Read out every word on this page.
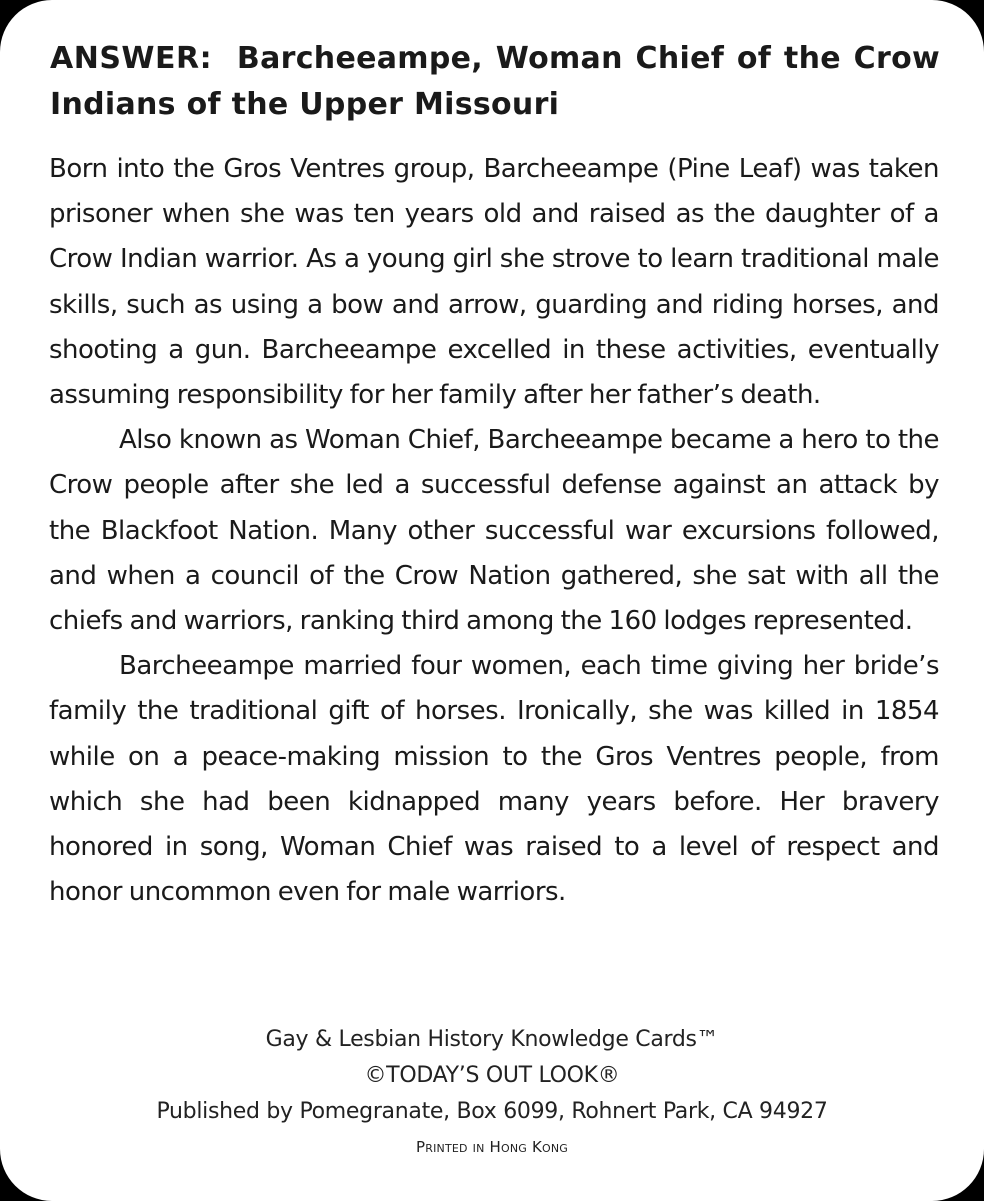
ANSWER: Barcheeampe, Woman Chief of the Crow Indians of the Upper Missouri

Born into the Gros Ventres group, Barcheeampe (Pine Leaf) was taken prisoner when she was ten years old and raised as the daughter of a Crow Indian warrior. As a young girl she strove to learn traditional male skills, such as using a bow and arrow, guarding and riding horses, and shooting a gun. Barcheeampe excelled in these activities, eventually assuming responsibility for her family after her father’s death.

Also known as Woman Chief, Barcheeampe became a hero to the Crow people after she led a successful defense against an attack by the Blackfoot Nation. Many other successful war excursions followed, and when a council of the Crow Nation gathered, she sat with all the chiefs and warriors, ranking third among the 160 lodges represented.

Barcheeampe married four women, each time giving her bride’s family the traditional gift of horses. Ironically, she was killed in 1854 while on a peace-making mission to the Gros Ventres people, from which she had been kidnapped many years before. Her bravery honored in song, Woman Chief was raised to a level of respect and honor uncommon even for male warriors.

Gay & Lesbian History Knowledge Cards™
©TODAY’S OUT LOOK®
Published by Pomegranate, Box 6099, Rohnert Park, CA 94927
Printed in Hong Kong
